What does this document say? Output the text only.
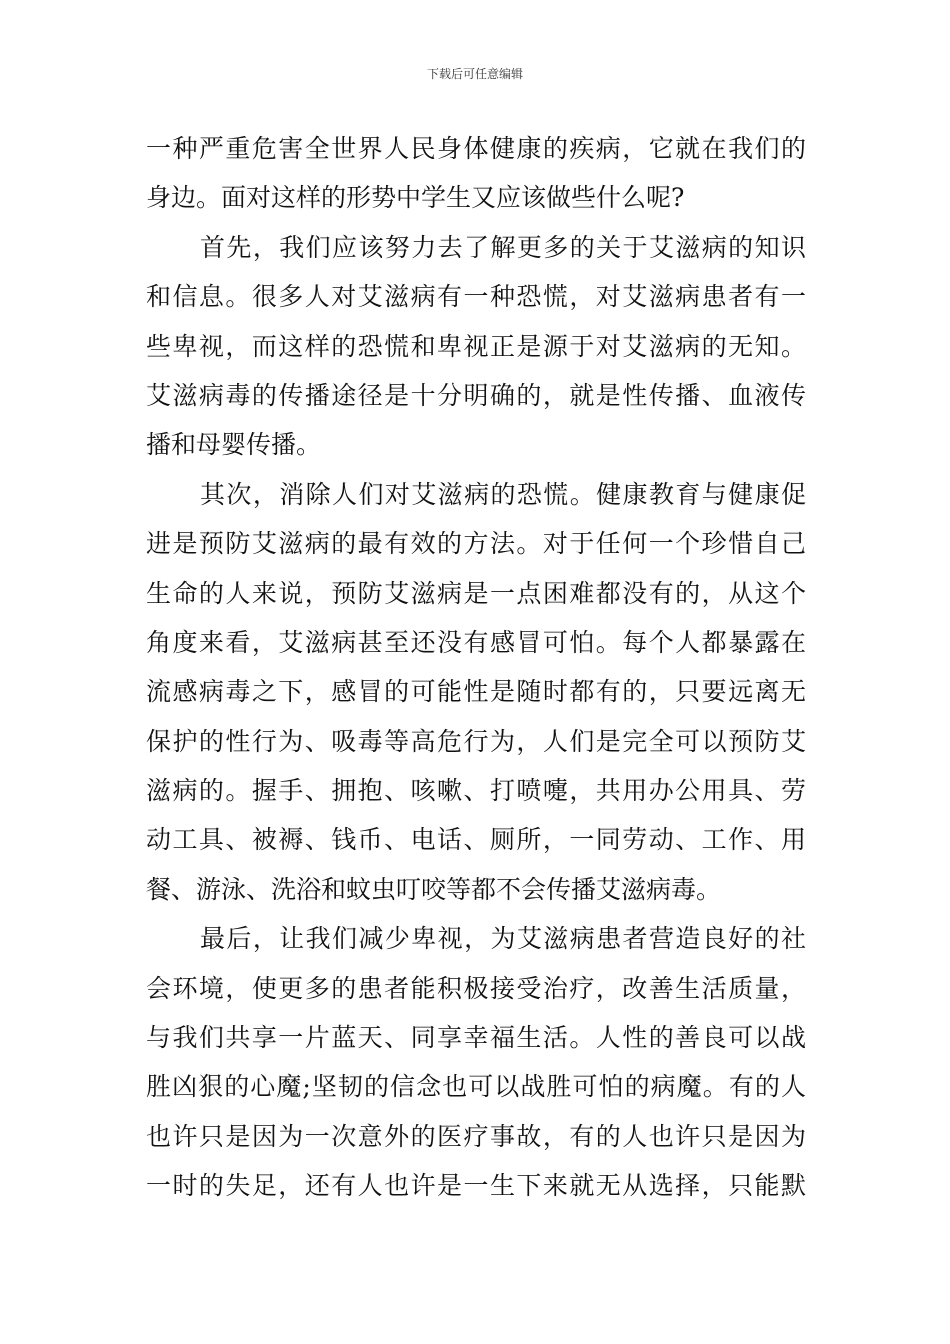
下载后可任意编辑
一种严重危害全世界人民身体健康的疾病，它就在我们的
身边。面对这样的形势中学生又应该做些什么呢?
首先，我们应该努力去了解更多的关于艾滋病的知识
和信息。很多人对艾滋病有一种恐慌，对艾滋病患者有一
些卑视，而这样的恐慌和卑视正是源于对艾滋病的无知。
艾滋病毒的传播途径是十分明确的，就是性传播、血液传
播和母婴传播。
其次，消除人们对艾滋病的恐慌。健康教育与健康促
进是预防艾滋病的最有效的方法。对于任何一个珍惜自己
生命的人来说，预防艾滋病是一点困难都没有的，从这个
角度来看，艾滋病甚至还没有感冒可怕。每个人都暴露在
流感病毒之下，感冒的可能性是随时都有的，只要远离无
保护的性行为、吸毒等高危行为，人们是完全可以预防艾
滋病的。握手、拥抱、咳嗽、打喷嚏，共用办公用具、劳
动工具、被褥、钱币、电话、厕所，一同劳动、工作、用
餐、游泳、洗浴和蚊虫叮咬等都不会传播艾滋病毒。
最后，让我们减少卑视，为艾滋病患者营造良好的社
会环境，使更多的患者能积极接受治疗，改善生活质量，
与我们共享一片蓝天、同享幸福生活。人性的善良可以战
胜凶狠的心魔;坚韧的信念也可以战胜可怕的病魔。有的人
也许只是因为一次意外的医疗事故，有的人也许只是因为
一时的失足，还有人也许是一生下来就无从选择，只能默
